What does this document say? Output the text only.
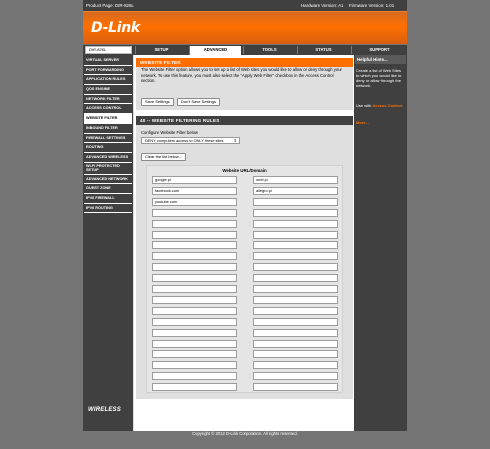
Product Page: DIR-826L	Hardware Version: A1 Firmware Version: 1.01
D-Link
DIR-826L	SETUP	ADVANCED	TOOLS	STATUS	SUPPORT
VIRTUAL SERVER
PORT FORWARDING
APPLICATION RULES
QOS ENGINE
NETWORK FILTER
ACCESS CONTROL
WEBSITE FILTER
INBOUND FILTER
FIREWALL SETTINGS
ROUTING
ADVANCED WIRELESS
WI-FI PROTECTED SETUP
ADVANCED NETWORK
GUEST ZONE
IPV6 FIREWALL
IPV6 ROUTING
WIRELESS
WEBSITE FILTER
The Website Filter option allows you to set up a list of Web sites you would like to allow or deny through your network. To use this feature, you must also select the "Apply Web Filter" checkbox in the Access Control section.
Save Settings	Don't Save Settings
40 -- WEBSITE FILTERING RULES
Configure Website Filter below
DENY computers access to ONLY these sites	⇕
Clear the list below...
Website URL/Domain
google.pl	onet.pl
facebook.com	allegro.pl
youtube.com
Helpful Hints...

Create a list of Web Sites to which you would like to deny or allow through the network.

Use with Access Control.

More...

Copyright © 2012 D-Link Corporation. All rights reserved.
